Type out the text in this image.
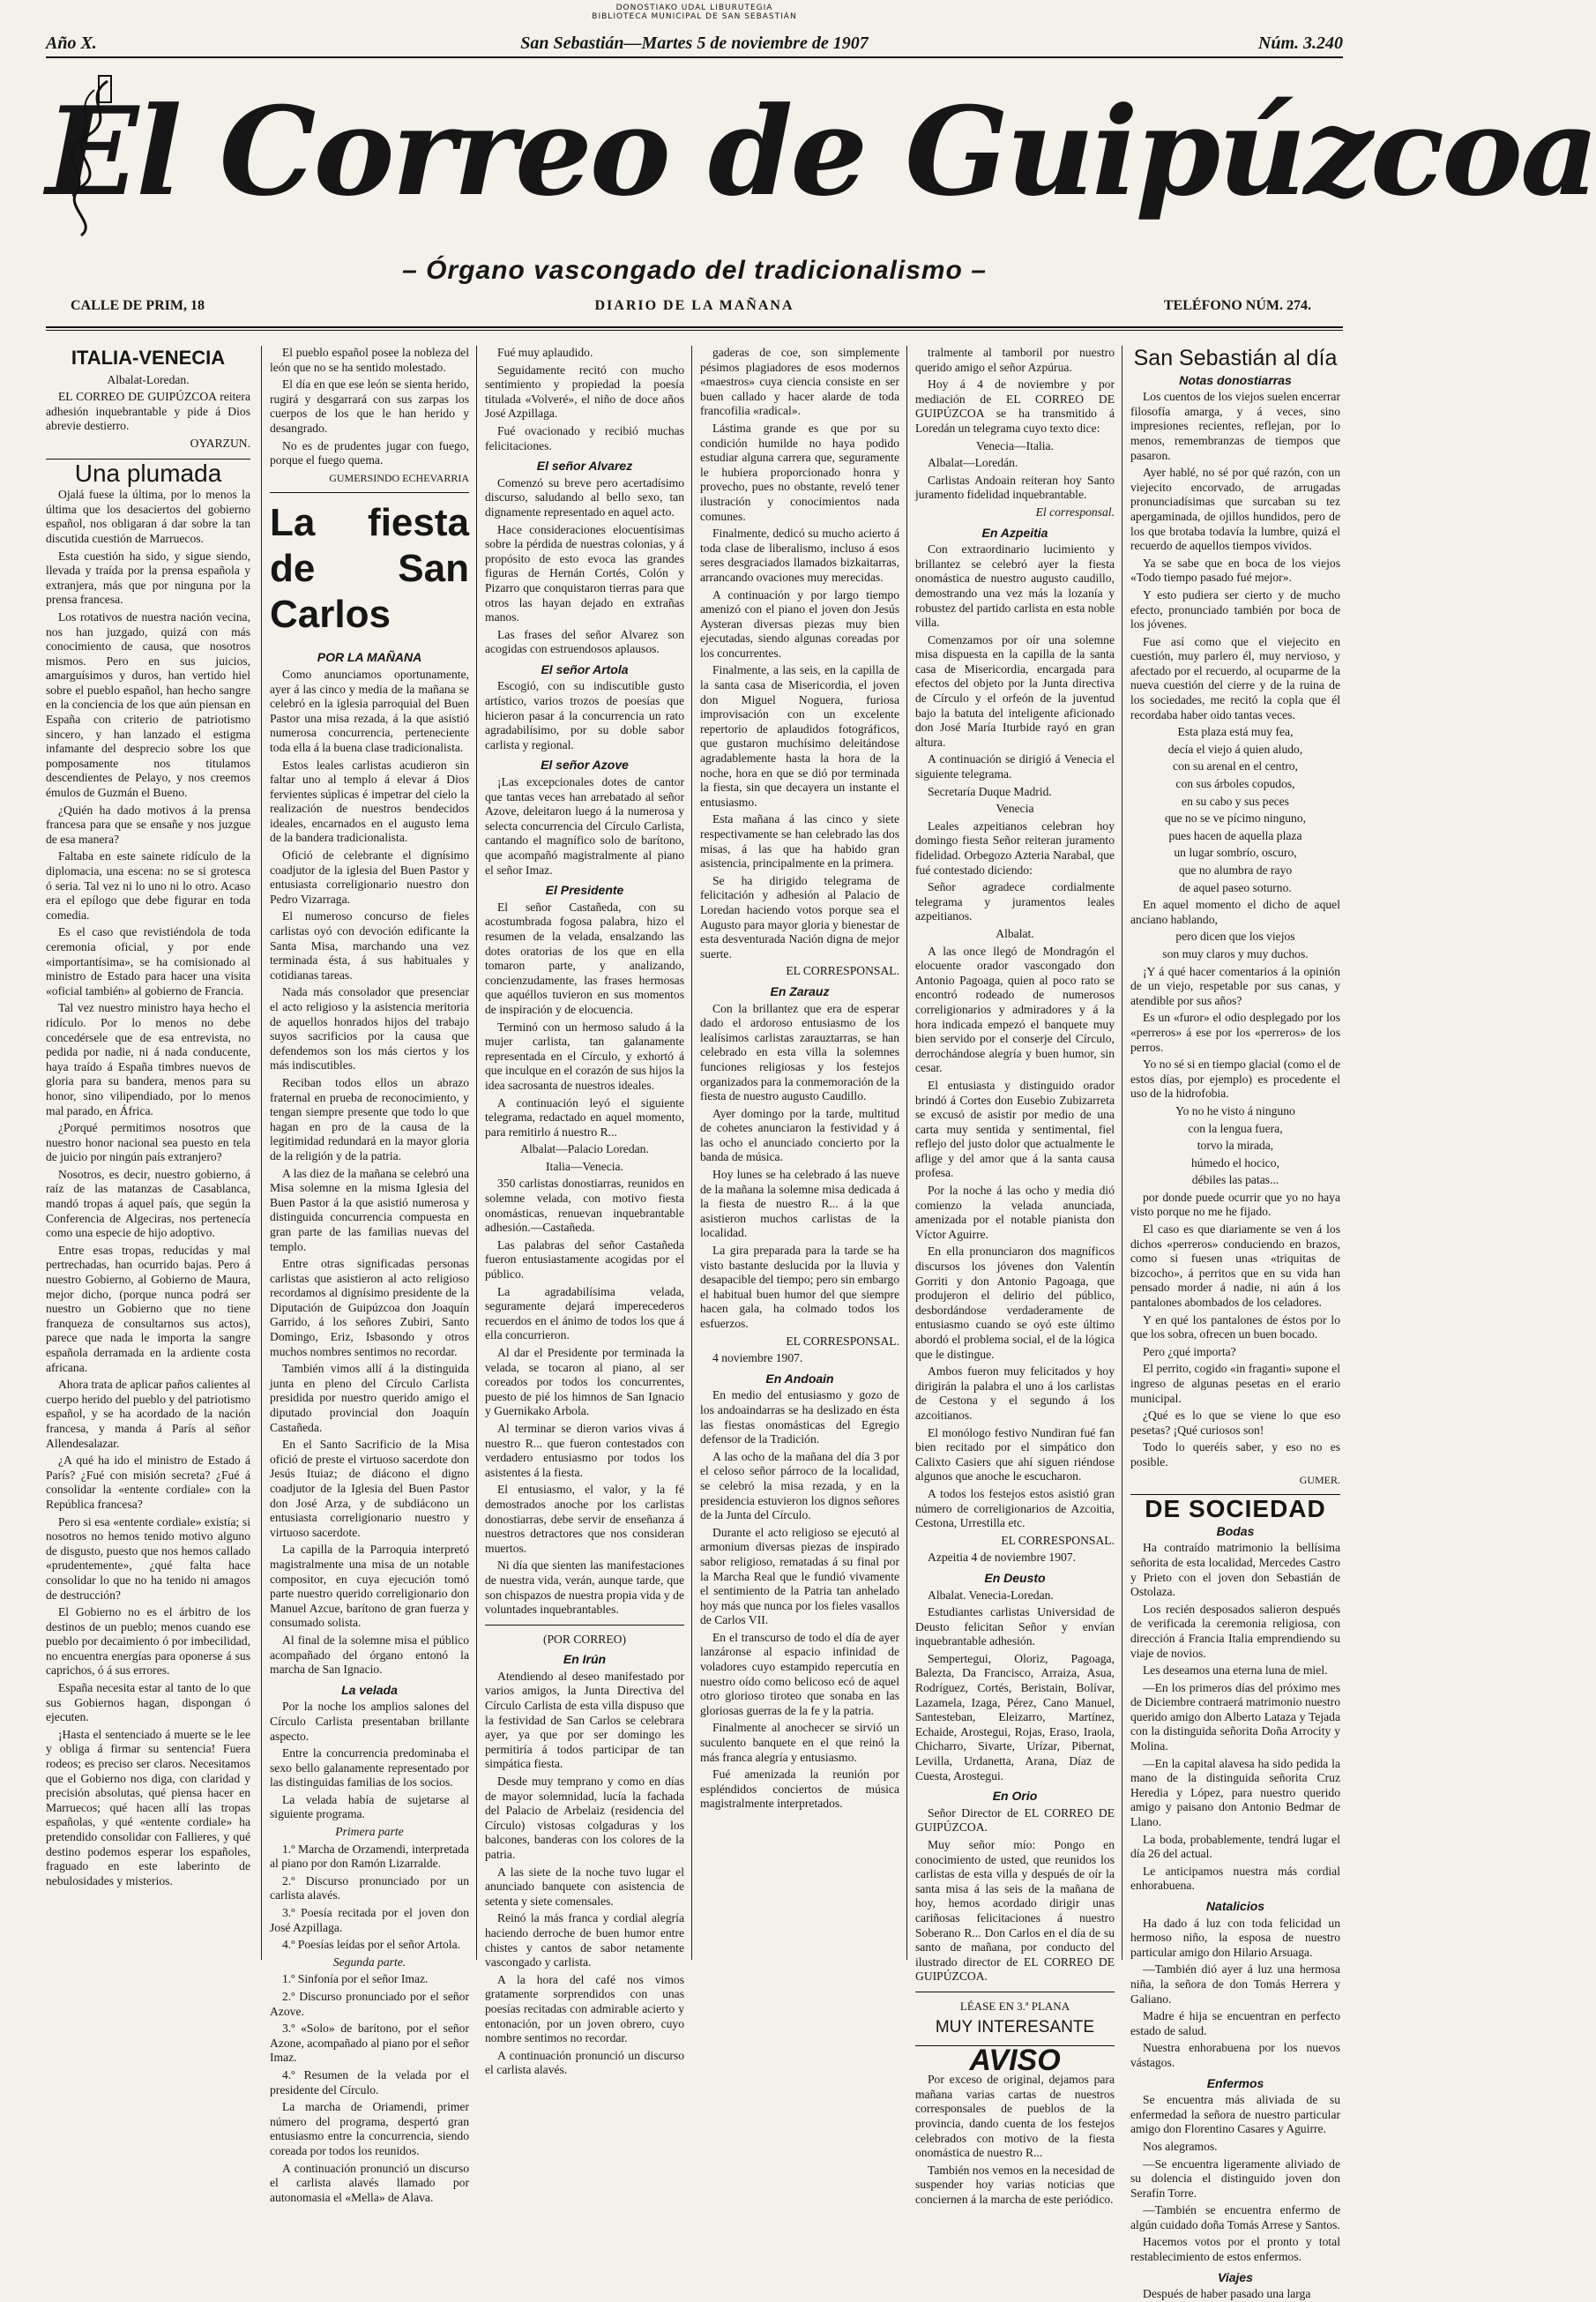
DONOSTIAKO UDAL LIBURUTEGIA
BIBLIOTECA MUNICIPAL DE SAN SEBASTIÁN
Año X.	San Sebastián—Martes 5 de noviembre de 1907	Núm. 3.240
El Correo de Guipúzcoa
– Órgano vascongado del tradicionalismo –
CALLE DE PRIM, 18	DIARIO DE LA MAÑANA	TELÉFONO NÚM. 274.
ITALIA-VENECIA

Albalat-Loredan.

EL CORREO DE GUIPÚZCOA reitera adhesión inquebrantable y pide á Dios abrevie destierro.

OYARZUN.

Una plumada

Ojalá fuese la última, por lo menos la última que los desaciertos del gobierno español, nos obligaran á dar sobre la tan discutida cuestión de Marruecos.

Esta cuestión ha sido, y sigue siendo, llevada y traída por la prensa española y extranjera, más que por ninguna por la prensa francesa.

Los rotativos de nuestra nación vecina, nos han juzgado, quizá con más conocimiento de causa, que nosotros mismos. Pero en sus juicios, amarguísimos y duros, han vertido hiel sobre el pueblo español, han hecho sangre en la conciencia de los que aún piensan en España con criterio de patriotismo sincero, y han lanzado el estigma infamante del desprecio sobre los que pomposamente nos titulamos descendientes de Pelayo, y nos creemos émulos de Guzmán el Bueno.

¿Quién ha dado motivos á la prensa francesa para que se ensañe y nos juzgue de esa manera?

Faltaba en este sainete ridículo de la diplomacia, una escena: no se si grotesca ó seria. Tal vez ni lo uno ni lo otro. Acaso era el epílogo que debe figurar en toda comedia.

Es el caso que revistiéndola de toda ceremonia oficial, y por ende «importantísima», se ha comisionado al ministro de Estado para hacer una visita «oficial también» al gobierno de Francia.

Tal vez nuestro ministro haya hecho el ridículo. Por lo menos no debe concedérsele que de esa entrevista, no pedida por nadie, ni á nada conducente, haya traído á España timbres nuevos de gloria para su bandera, menos para su honor, sino vilipendiado, por lo menos mal parado, en África.

¿Porqué permitimos nosotros que nuestro honor nacional sea puesto en tela de juicio por ningún país extranjero?

Nosotros, es decir, nuestro gobierno, á raíz de las matanzas de Casablanca, mandó tropas á aquel país, que según la Conferencia de Algeciras, nos pertenecía como una especie de hijo adoptivo.

Entre esas tropas, reducidas y mal pertrechadas, han ocurrido bajas. Pero á nuestro Gobierno, al Gobierno de Maura, mejor dicho, (porque nunca podrá ser nuestro un Gobierno que no tiene franqueza de consultarnos sus actos), parece que nada le importa la sangre española derramada en la ardiente costa africana.

Ahora trata de aplicar paños calientes al cuerpo herido del pueblo y del patriotismo español, y se ha acordado de la nación francesa, y manda á París al señor Allendesalazar.

¿A qué ha ido el ministro de Estado á París? ¿Fué con misión secreta? ¿Fué á consolidar la «entente cordiale» con la República francesa?

Pero si esa «entente cordiale» existía; si nosotros no hemos tenido motivo alguno de disgusto, puesto que nos hemos callado «prudentemente», ¿qué falta hace consolidar lo que no ha tenido ni amagos de destrucción?

El Gobierno no es el árbitro de los destinos de un pueblo; menos cuando ese pueblo por decaimiento ó por imbecilidad, no encuentra energías para oponerse á sus caprichos, ó á sus errores.

España necesita estar al tanto de lo que sus Gobiernos hagan, dispongan ó ejecuten.

¡Hasta el sentenciado á muerte se le lee y obliga á firmar su sentencia! Fuera rodeos; es preciso ser claros. Necesitamos que el Gobierno nos diga, con claridad y precisión absolutas, qué piensa hacer en Marruecos; qué hacen allí las tropas españolas, y qué «entente cordiale» ha pretendido consolidar con Fallieres, y qué destino podemos esperar los españoles, fraguado en este laberinto de nebulosidades y misterios.

El pueblo español posee la nobleza del león que no se ha sentido molestado.

El día en que ese león se sienta herido, rugirá y desgarrará con sus zarpas los cuerpos de los que le han herido y desangrado.

No es de prudentes jugar con fuego, porque el fuego quema.

GUMERSINDO ECHEVARRIA

La fiesta de San Carlos
POR LA MAÑANA

Como anunciamos oportunamente, ayer á las cinco y media de la mañana se celebró en la iglesia parroquial del Buen Pastor una misa rezada, á la que asistió numerosa concurrencia, perteneciente toda ella á la buena clase tradicionalista.

Estos leales carlistas acudieron sin faltar uno al templo á elevar á Dios fervientes súplicas é impetrar del cielo la realización de nuestros bendecidos ideales, encarnados en el augusto lema de la bandera tradicionalista.

Ofició de celebrante el dignísimo coadjutor de la iglesia del Buen Pastor y entusiasta correligionario nuestro don Pedro Vizarraga.

El numeroso concurso de fieles carlistas oyó con devoción edificante la Santa Misa, marchando una vez terminada ésta, á sus habituales y cotidianas tareas.

Nada más consolador que presenciar el acto religioso y la asistencia meritoria de aquellos honrados hijos del trabajo suyos sacrificios por la causa que defendemos son los más ciertos y los más indiscutibles.

Reciban todos ellos un abrazo fraternal en prueba de reconocimiento, y tengan siempre presente que todo lo que hagan en pro de la causa de la legitimidad redundará en la mayor gloria de la religión y de la patria.

A las diez de la mañana se celebró una Misa solemne en la misma Iglesia del Buen Pastor á la que asistió numerosa y distinguida concurrencia compuesta en gran parte de las familias nuevas del templo.

Entre otras significadas personas carlistas que asistieron al acto religioso recordamos al dignísimo presidente de la Diputación de Guipúzcoa don Joaquín Garrido, á los señores Zubiri, Santo Domingo, Eriz, Isbasondo y otros muchos nombres sentimos no recordar.

También vimos allí á la distinguida junta en pleno del Círculo Carlista presidida por nuestro querido amigo el diputado provincial don Joaquín Castañeda.

En el Santo Sacrificio de la Misa ofició de preste el virtuoso sacerdote don Jesús Ituiaz; de diácono el digno coadjutor de la Iglesia del Buen Pastor don José Arza, y de subdiácono un entusiasta correligionario nuestro y virtuoso sacerdote.

La capilla de la Parroquia interpretó magistralmente una misa de un notable compositor, en cuya ejecución tomó parte nuestro querido correligionario don Manuel Azcue, barítono de gran fuerza y consumado solista.

Al final de la solemne misa el público acompañado del órgano entonó la marcha de San Ignacio.

La velada

Por la noche los amplios salones del Círculo Carlista presentaban brillante aspecto.

Entre la concurrencia predominaba el sexo bello galanamente representado por las distinguidas familias de los socios.

La velada había de sujetarse al siguiente programa.

Primera parte

1.º Marcha de Orzamendi, interpretada al piano por don Ramón Lizarralde.

2.º Discurso pronunciado por un carlista alavés.

3.º Poesía recitada por el joven don José Azpillaga.

4.º Poesías leídas por el señor Artola.

Segunda parte.

1.º Sinfonía por el señor Imaz.

2.º Discurso pronunciado por el señor Azove.

3.º «Solo» de barítono, por el señor Azone, acompañado al piano por el señor Imaz.

4.º Resumen de la velada por el presidente del Círculo.

La marcha de Oriamendi, primer número del programa, despertó gran entusiasmo entre la concurrencia, siendo coreada por todos los reunidos.

A continuación pronunció un discurso el carlista alavés llamado por autonomasia el «Mella» de Alava.

Fué muy aplaudido.

Seguidamente recitó con mucho sentimiento y propiedad la poesía titulada «Volveré», el niño de doce años José Azpillaga.

Fué ovacionado y recibió muchas felicitaciones.

El señor Alvarez

Comenzó su breve pero acertadísimo discurso, saludando al bello sexo, tan dignamente representado en aquel acto.

Hace consideraciones elocuentísimas sobre la pérdida de nuestras colonias, y á propósito de esto evoca las grandes figuras de Hernán Cortés, Colón y Pizarro que conquistaron tierras para que otros las hayan dejado en extrañas manos.

Las frases del señor Alvarez son acogidas con estruendosos aplausos.

El señor Artola

Escogió, con su indiscutible gusto artístico, varios trozos de poesías que hicieron pasar á la concurrencia un rato agradabilísimo, por su doble sabor carlista y regional.

El señor Azove

¡Las excepcionales dotes de cantor que tantas veces han arrebatado al señor Azove, deleitaron luego á la numerosa y selecta concurrencia del Círculo Carlista, cantando el magnífico solo de barítono, que acompañó magistralmente al piano el señor Imaz.

El Presidente

El señor Castañeda, con su acostumbrada fogosa palabra, hizo el resumen de la velada, ensalzando las dotes oratorias de los que en ella tomaron parte, y analizando, concienzudamente, las frases hermosas que aquéllos tuvieron en sus momentos de inspiración y de elocuencia.

Terminó con un hermoso saludo á la mujer carlista, tan galanamente representada en el Círculo, y exhortó á que inculque en el corazón de sus hijos la idea sacrosanta de nuestros ideales.

A continuación leyó el siguiente telegrama, redactado en aquel momento, para remitirlo á nuestro R...

Albalat—Palacio Loredan.

Italia—Venecia.

350 carlistas donostiarras, reunidos en solemne velada, con motivo fiesta onomásticas, renuevan inquebrantable adhesión.—Castañeda.

Las palabras del señor Castañeda fueron entusiastamente acogidas por el público.

La agradabilísima velada, seguramente dejará imperecederos recuerdos en el ánimo de todos los que á ella concurrieron.

Al dar el Presidente por terminada la velada, se tocaron al piano, al ser coreados por todos los concurrentes, puesto de pié los himnos de San Ignacio y Guernikako Arbola.

Al terminar se dieron varios vivas á nuestro R... que fueron contestados con verdadero entusiasmo por todos los asistentes á la fiesta.

El entusiasmo, el valor, y la fé demostrados anoche por los carlistas donostiarras, debe servir de enseñanza á nuestros detractores que nos consideran muertos.

Ni día que sienten las manifestaciones de nuestra vida, verán, aunque tarde, que son chispazos de nuestra propia vida y de voluntades inquebrantables.

(POR CORREO)

En Irún

Atendiendo al deseo manifestado por varios amigos, la Junta Directiva del Círculo Carlista de esta villa dispuso que la festividad de San Carlos se celebrara ayer, ya que por ser domingo les permitiría á todos participar de tan simpática fiesta.

Desde muy temprano y como en días de mayor solemnidad, lucía la fachada del Palacio de Arbelaiz (residencia del Círculo) vistosas colgaduras y los balcones, banderas con los colores de la patria.

A las siete de la noche tuvo lugar el anunciado banquete con asistencia de setenta y siete comensales.

Reinó la más franca y cordial alegría haciendo derroche de buen humor entre chistes y cantos de sabor netamente vascongado y carlista.

A la hora del café nos vimos gratamente sorprendidos con unas poesías recitadas con admirable acierto y entonación, por un joven obrero, cuyo nombre sentimos no recordar.

A continuación pronunció un discurso el carlista alavés.

gaderas de coe, son simplemente pésimos plagiadores de esos modernos «maestros» cuya ciencia consiste en ser buen callado y hacer alarde de toda francofilia «radical».

Lástima grande es que por su condición humilde no haya podido estudiar alguna carrera que, seguramente le hubiera proporcionado honra y provecho, pues no obstante, reveló tener ilustración y conocimientos nada comunes.

Finalmente, dedicó su mucho acierto á toda clase de liberalismo, incluso á esos seres desgraciados llamados bizkaitarras, arrancando ovaciones muy merecidas.

A continuación y por largo tiempo amenizó con el piano el joven don Jesús Aysteran diversas piezas muy bien ejecutadas, siendo algunas coreadas por los concurrentes.

Finalmente, a las seis, en la capilla de la santa casa de Misericordia, el joven don Miguel Noguera, furiosa improvisación con un excelente repertorio de aplaudidos fotográficos, que gustaron muchísimo deleitándose agradablemente hasta la hora de la noche, hora en que se dió por terminada la fiesta, sin que decayera un instante el entusiasmo.

Esta mañana á las cinco y siete respectivamente se han celebrado las dos misas, á las que ha habido gran asistencia, principalmente en la primera.

Se ha dirigido telegrama de felicitación y adhesión al Palacio de Loredan haciendo votos porque sea el Augusto para mayor gloria y bienestar de esta desventurada Nación digna de mejor suerte.

EL CORRESPONSAL.

En Zarauz

Con la brillantez que era de esperar dado el ardoroso entusiasmo de los lealísimos carlistas zarauztarras, se han celebrado en esta villa la solemnes funciones religiosas y los festejos organizados para la conmemoración de la fiesta de nuestro augusto Caudillo.

Ayer domingo por la tarde, multitud de cohetes anunciaron la festividad y á las ocho el anunciado concierto por la banda de música.

Hoy lunes se ha celebrado á las nueve de la mañana la solemne misa dedicada á la fiesta de nuestro R... á la que asistieron muchos carlistas de la localidad.

La gira preparada para la tarde se ha visto bastante deslucida por la lluvia y desapacible del tiempo; pero sin embargo el habitual buen humor del que siempre hacen gala, ha colmado todos los esfuerzos.

EL CORRESPONSAL.

4 noviembre 1907.

En Andoain

En medio del entusiasmo y gozo de los andoaindarras se ha deslizado en ésta las fiestas onomásticas del Egregio defensor de la Tradición.

A las ocho de la mañana del día 3 por el celoso señor párroco de la localidad, se celebró la misa rezada, y en la presidencia estuvieron los dignos señores de la Junta del Círculo.

Durante el acto religioso se ejecutó al armonium diversas piezas de inspirado sabor religioso, rematadas á su final por la Marcha Real que le fundió vivamente el sentimiento de la Patria tan anhelado hoy más que nunca por los fieles vasallos de Carlos VII.

En el transcurso de todo el día de ayer lanzáronse al espacio infinidad de voladores cuyo estampido repercutía en nuestro oído como belicoso ecó de aquel otro glorioso tiroteo que sonaba en las gloriosas guerras de la fe y la patria.

Finalmente al anochecer se sirvió un suculento banquete en el que reinó la más franca alegría y entusiasmo.

Fué amenizada la reunión por espléndidos conciertos de música magistralmente interpretados.

tralmente al tamboril por nuestro querido amigo el señor Azpúrua.

Hoy á 4 de noviembre y por mediación de EL CORREO DE GUIPÚZCOA se ha transmitido á Loredán un telegrama cuyo texto dice:

Venecia—Italia.

Albalat—Loredán.

Carlistas Andoain reiteran hoy Santo juramento fidelidad inquebrantable.

El corresponsal.

En Azpeitia

Con extraordinario lucimiento y brillantez se celebró ayer la fiesta onomástica de nuestro augusto caudillo, demostrando una vez más la lozanía y robustez del partido carlista en esta noble villa.

Comenzamos por oír una solemne misa dispuesta en la capilla de la santa casa de Misericordia, encargada para efectos del objeto por la Junta directiva de Círculo y el orfeón de la juventud bajo la batuta del inteligente aficionado don José María Iturbide rayó en gran altura.

A continuación se dirigió á Venecia el siguiente telegrama.

Secretaría Duque Madrid.

Venecia

Leales azpeitianos celebran hoy domingo fiesta Señor reiteran juramento fidelidad. Orbegozo Azteria Narabal, que fué contestado diciendo:

Señor agradece cordialmente telegrama y juramentos leales azpeitianos.

Albalat.

A las once llegó de Mondragón el elocuente orador vascongado don Antonio Pagoaga, quien al poco rato se encontró rodeado de numerosos correligionarios y admiradores y á la hora indicada empezó el banquete muy bien servido por el conserje del Círculo, derrochándose alegría y buen humor, sin cesar.

El entusiasta y distinguido orador brindó á Cortes don Eusebio Zubizarreta se excusó de asistir por medio de una carta muy sentida y sentimental, fiel reflejo del justo dolor que actualmente le aflige y del amor que á la santa causa profesa.

Por la noche á las ocho y media dió comienzo la velada anunciada, amenizada por el notable pianista don Víctor Aguirre.

En ella pronunciaron dos magníficos discursos los jóvenes don Valentín Gorriti y don Antonio Pagoaga, que produjeron el delirio del público, desbordándose verdaderamente de entusiasmo cuando se oyó este último abordó el problema social, el de la lógica que le distingue.

Ambos fueron muy felicitados y hoy dirigirán la palabra el uno á los carlistas de Cestona y el segundo á los azcoitianos.

El monólogo festivo Nundiran fué fan bien recitado por el simpático don Calixto Casiers que ahí siguen riéndose algunos que anoche le escucharon.

A todos los festejos estos asistió gran número de correligionarios de Azcoitia, Cestona, Urrestilla etc.

EL CORRESPONSAL.

Azpeitia 4 de noviembre 1907.

En Deusto

Albalat. Venecia-Loredan.

Estudiantes carlistas Universidad de Deusto felicitan Señor y envían inquebrantable adhesión.

Sempertegui, Oloriz, Pagoaga, Balezta, Da Francisco, Arraiza, Asua, Rodríguez, Cortés, Beristain, Bolívar, Lazamela, Izaga, Pérez, Cano Manuel, Santesteban, Eleizarro, Martínez, Echaide, Arostegui, Rojas, Eraso, Iraola, Chicharro, Sivarte, Urízar, Pibernat, Levilla, Urdanetta, Arana, Díaz de Cuesta, Arostegui.

En Orio

Señor Director de EL CORREO DE GUIPÚZCOA.

Muy señor mío: Pongo en conocimiento de usted, que reunidos los carlistas de esta villa y después de oír la santa misa á las seis de la mañana de hoy, hemos acordado dirigir unas cariñosas felicitaciones á nuestro Soberano R... Don Carlos en el día de su santo de mañana, por conducto del ilustrado director de EL CORREO DE GUIPÚZCOA.

LÉASE EN 3.ª PLANA

MUY INTERESANTE

AVISO

Por exceso de original, dejamos para mañana varias cartas de nuestros corresponsales de pueblos de la provincia, dando cuenta de los festejos celebrados con motivo de la fiesta onomástica de nuestro R...

También nos vemos en la necesidad de suspender hoy varias noticias que conciernen á la marcha de este periódico.

San Sebastián al día
Notas donostiarras

Los cuentos de los viejos suelen encerrar filosofía amarga, y á veces, sino impresiones recientes, reflejan, por lo menos, remembranzas de tiempos que pasaron.

Ayer hablé, no sé por qué razón, con un viejecito encorvado, de arrugadas pronunciadísimas que surcaban su tez apergaminada, de ojillos hundidos, pero de los que brotaba todavía la lumbre, quizá el recuerdo de aquellos tiempos vividos.

Ya se sabe que en boca de los viejos «Todo tiempo pasado fué mejor».

Y esto pudiera ser cierto y de mucho efecto, pronunciado también por boca de los jóvenes.

Fue así como que el viejecito en cuestión, muy parlero él, muy nervioso, y afectado por el recuerdo, al ocuparme de la nueva cuestión del cierre y de la ruina de los sociedades, me recitó la copla que él recordaba haber oido tantas veces.

Esta plaza está muy fea,

decía el viejo á quien aludo,

con su arenal en el centro,

con sus árboles copudos,

en su cabo y sus peces

que no se ve pícimo ninguno,

pues hacen de aquella plaza

un lugar sombrío, oscuro,

que no alumbra de rayo

de aquel paseo soturno.

En aquel momento el dicho de aquel anciano hablando,

pero dicen que los viejos

son muy claros y muy duchos.

¡Y á qué hacer comentarios á la opinión de un viejo, respetable por sus canas, y atendible por sus años?

Es un «furor» el odio desplegado por los «perreros» á ese por los «perreros» de los perros.

Yo no sé si en tiempo glacial (como el de estos días, por ejemplo) es procedente el uso de la hidrofobia.

Yo no he visto á ninguno

con la lengua fuera,

torvo la mirada,

húmedo el hocico,

débiles las patas...

por donde puede ocurrir que yo no haya visto porque no me he fijado.

El caso es que diariamente se ven á los dichos «perreros» conduciendo en brazos, como si fuesen unas «triquitas de bizcocho», á perritos que en su vida han pensado morder á nadie, ni aún á los pantalones abombados de los celadores.

Y en qué los pantalones de éstos por lo que los sobra, ofrecen un buen bocado.

Pero ¿qué importa?

El perrito, cogido «in fraganti» supone el ingreso de algunas pesetas en el erario municipal.

¿Qué es lo que se viene lo que eso pesetas? ¡Qué curiosos son!

Todo lo queréis saber, y eso no es posible.

GUMER.

DE SOCIEDAD
Bodas

Ha contraído matrimonio la bellísima señorita de esta localidad, Mercedes Castro y Prieto con el joven don Sebastián de Ostolaza.

Los recién desposados salieron después de verificada la ceremonia religiosa, con dirección á Francia Italia emprendiendo su viaje de novios.

Les deseamos una eterna luna de miel.

—En los primeros días del próximo mes de Diciembre contraerá matrimonio nuestro querido amigo don Alberto Lataza y Tejada con la distinguida señorita Doña Arrocity y Molina.

—En la capital alavesa ha sido pedida la mano de la distinguida señorita Cruz Heredia y López, para nuestro querido amigo y paisano don Antonio Bedmar de Llano.

La boda, probablemente, tendrá lugar el día 26 del actual.

Le anticipamos nuestra más cordial enhorabuena.

Natalicios

Ha dado á luz con toda felicidad un hermoso niño, la esposa de nuestro particular amigo don Hilario Arsuaga.

—También dió ayer á luz una hermosa niña, la señora de don Tomás Herrera y Galiano.

Madre é hija se encuentran en perfecto estado de salud.

Nuestra enhorabuena por los nuevos vástagos.

Enfermos

Se encuentra más aliviada de su enfermedad la señora de nuestro particular amigo don Florentino Casares y Aguirre.

Nos alegramos.

—Se encuentra ligeramente aliviado de su dolencia el distinguido joven don Serafín Torre.

—También se encuentra enfermo de algún cuidado doña Tomás Arrese y Santos.

Hacemos votos por el pronto y total restablecimiento de estos enfermos.

Viajes

Después de haber pasado una larga
